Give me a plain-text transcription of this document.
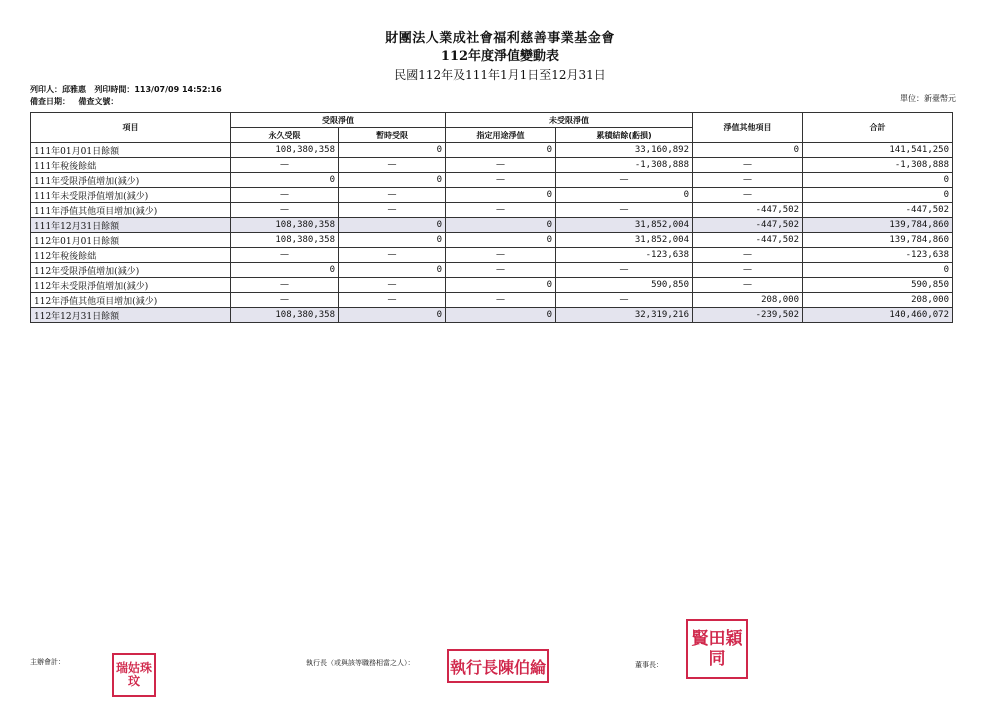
財團法人業成社會福利慈善事業基金會
112年度淨值變動表
民國112年及111年1月1日至12月31日
列印人：邱雅惠 列印時間：113/07/09 14:52:16
備查日期： 備查文號：	單位：新臺幣元
項目	受限淨值		未受限淨值		淨值其他項目	合計
	永久受限	暫時受限	指定用途淨值	累積結餘(虧損)		
111年01月01日餘額	108,380,358	0	0	33,160,892	0	141,541,250
111年稅後餘絀	—	—	—	-1,308,888	—	-1,308,888
111年受限淨值增加(減少)	0	0	—	—	—	0
111年未受限淨值增加(減少)	—	—	0	0	—	0
111年淨值其他項目增加(減少)	—	—	—	—	-447,502	-447,502
111年12月31日餘額	108,380,358	0	0	31,852,004	-447,502	139,784,860
112年01月01日餘額	108,380,358	0	0	31,852,004	-447,502	139,784,860
112年稅後餘絀	—	—	—	-123,638	—	-123,638
112年受限淨值增加(減少)	0	0	—	—	—	0
112年未受限淨值增加(減少)	—	—	0	590,850	—	590,850
112年淨值其他項目增加(減少)	—	—	—	—	208,000	208,000
112年12月31日餘額	108,380,358	0	0	32,319,216	-239,502	140,460,072
主辦會計：	瑞姑珠玟
執行長（或與該等職務相當之人）： 執行長陳伯綸	董事長：
賢田穎同
